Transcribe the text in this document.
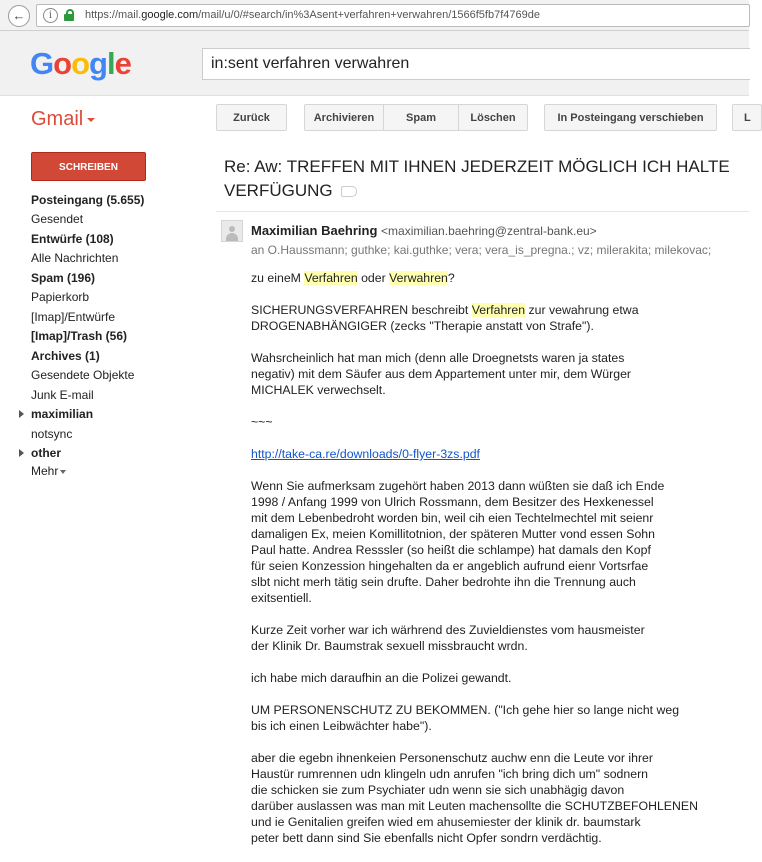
←	i	https://mail.google.com/mail/u/0/#search/in%3Asent+verfahren+verwahren/1566f5fb7f4769de
Google	in:sent verfahren verwahren
Gmail	Zurück	Archivieren	Spam	Löschen	In Posteingang verschieben	L
SCHREIBEN
Posteingang (5.655)
Gesendet
Entwürfe (108)
Alle Nachrichten
Spam (196)
Papierkorb
[Imap]/Entwürfe
[Imap]/Trash (56)
Archives (1)
Gesendete Objekte
Junk E-mail
maximilian
notsync
other
Mehr
Re: Aw: TREFFEN MIT IHNEN JEDERZEIT MÖGLICH ICH HALTE
VERFÜGUNG
Maximilian Baehring <maximilian.baehring@zentral-bank.eu>
an O.Haussmann; guthke; kai.guthke; vera; vera_is_pregna.; vz; milerakita; milekovac;

zu eineM Verfahren oder Verwahren?

SICHERUNGSVERFAHREN beschreibt Verfahren zur vewahrung etwa
DROGENABHÄNGIGER (zecks "Therapie anstatt von Strafe").

Wahsrcheinlich hat man mich (denn alle Droegnetsts waren ja states
negativ) mit dem Säufer aus dem Appartement unter mir, dem Würger
MICHALEK verwechselt.

~~~

http://take-ca.re/downloads/0-flyer-3zs.pdf

Wenn Sie aufmerksam zugehört haben 2013 dann wüßten sie daß ich Ende
1998 / Anfang 1999 von Ulrich Rossmann, dem Besitzer des Hexkenessel
mit dem Lebenbedroht worden bin, weil cih eien Techtelmechtel mit seienr
damaligen Ex, meien Komillitotnion, der späteren Mutter vond essen Sohn
Paul hatte. Andrea Resssler (so heißt die schlampe) hat damals den Kopf
für seien Konzession hingehalten da er angeblich aufrund eienr Vortsrfae
slbt nicht merh tätig sein drufte. Daher bedrohte ihn die Trennung auch
exitsentiell.

Kurze Zeit vorher war ich wärhrend des Zuvieldienstes vom hausmeister
der Klinik Dr. Baumstrak sexuell missbraucht wrdn.

ich habe mich daraufhin an die Polizei gewandt.

UM PERSONENSCHUTZ ZU BEKOMMEN. ("Ich gehe hier so lange nicht weg
bis ich einen Leibwächter habe").

aber die egebn ihnenkeien Personenschutz auchw enn die Leute vor ihrer
Haustür rumrennen udn klingeln udn anrufen "ich bring dich um" sodnern
die schicken sie zum Psychiater udn wenn sie sich unabhägig davon
darüber auslassen was man mit Leuten machensollte die SCHUTZBEFOHLENEN
und ie Genitalien greifen wied em ahusemiester der klinik dr. baumstark
peter bett dann sind Sie ebenfalls nicht Opfer sondrn verdächtig.
